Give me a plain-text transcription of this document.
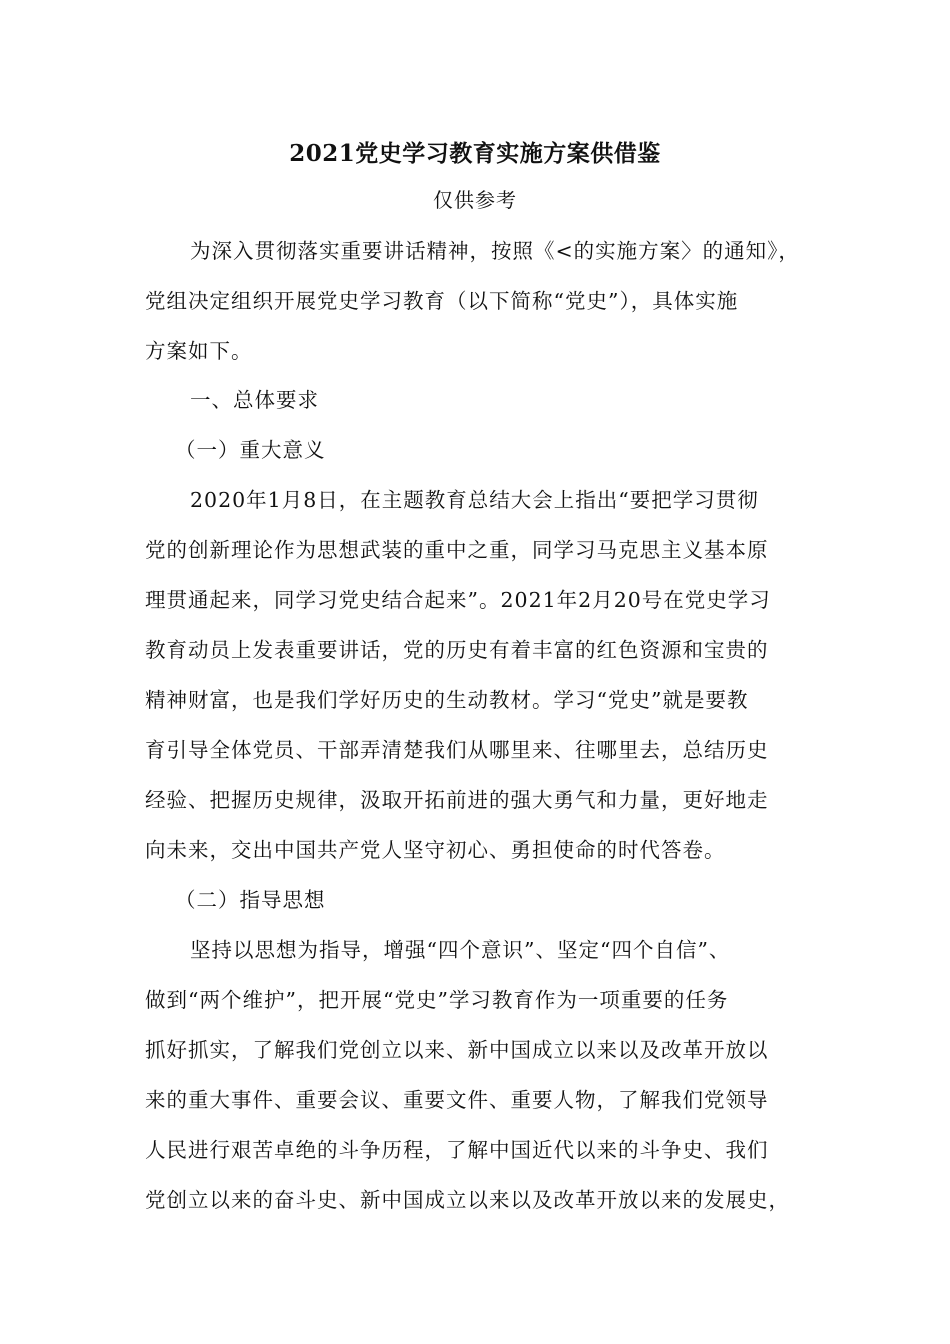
2021党史学习教育实施方案供借鉴
仅供参考
为深入贯彻落实重要讲话精神，按照《<的实施方案〉的通知》，
党组决定组织开展党史学习教育（以下简称“党史”），具体实施
方案如下。
一、总体要求
（一）重大意义
2020年1月8日，在主题教育总结大会上指出“要把学习贯彻
党的创新理论作为思想武装的重中之重，同学习马克思主义基本原
理贯通起来，同学习党史结合起来”。2021年2月20号在党史学习
教育动员上发表重要讲话，党的历史有着丰富的红色资源和宝贵的
精神财富，也是我们学好历史的生动教材。学习“党史”就是要教
育引导全体党员、干部弄清楚我们从哪里来、往哪里去，总结历史
经验、把握历史规律，汲取开拓前进的强大勇气和力量，更好地走
向未来，交出中国共产党人坚守初心、勇担使命的时代答卷。
（二）指导思想
坚持以思想为指导，增强“四个意识”、坚定“四个自信”、
做到“两个维护”，把开展“党史”学习教育作为一项重要的任务
抓好抓实，了解我们党创立以来、新中国成立以来以及改革开放以
来的重大事件、重要会议、重要文件、重要人物，了解我们党领导
人民进行艰苦卓绝的斗争历程，了解中国近代以来的斗争史、我们
党创立以来的奋斗史、新中国成立以来以及改革开放以来的发展史，
